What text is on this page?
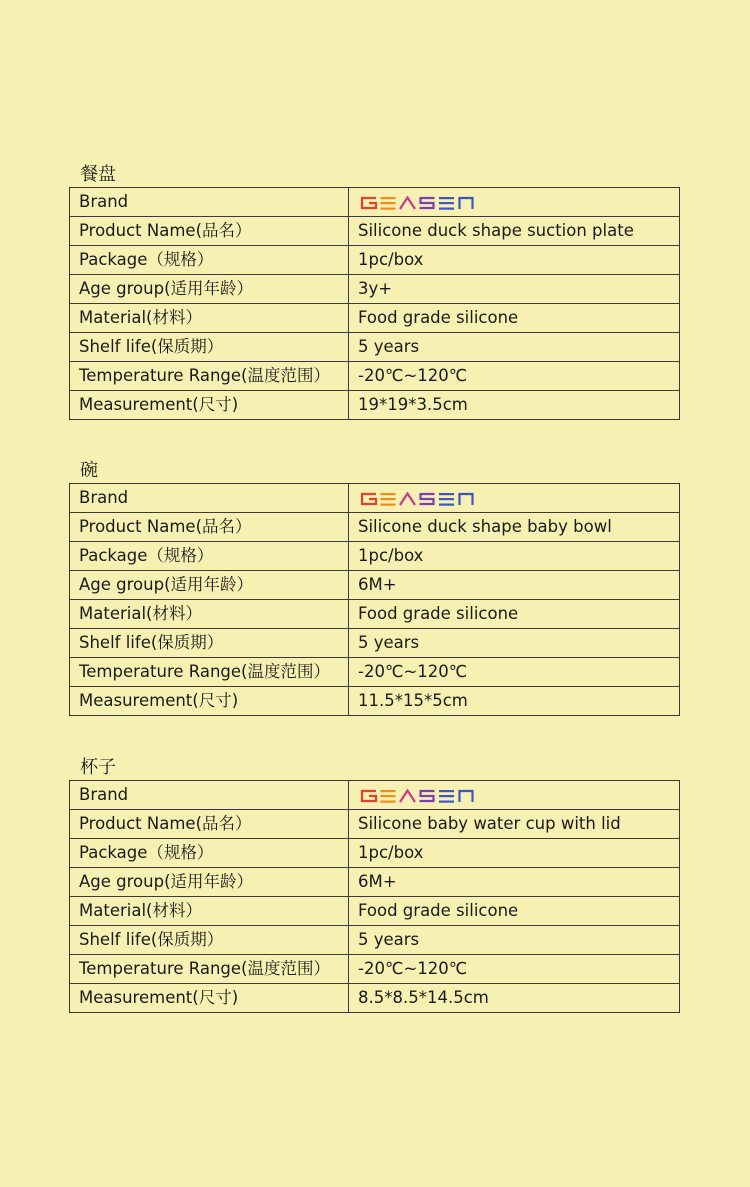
餐盘
Brand	

Product Name(品名）	Silicone duck shape suction plate
Package（规格）	1pc/box
Age group(适用年龄）	3y+
Material(材料）	Food grade silicone
Shelf life(保质期）	5 years
Temperature Range(温度范围）	-20℃~120℃
Measurement(尺寸)	19*19*3.5cm
碗
Brand	

Product Name(品名）	Silicone duck shape baby bowl
Package（规格）	1pc/box
Age group(适用年龄）	6M+
Material(材料）	Food grade silicone
Shelf life(保质期）	5 years
Temperature Range(温度范围）	-20℃~120℃
Measurement(尺寸)	11.5*15*5cm
杯子
Brand	

Product Name(品名）	Silicone baby water cup with lid
Package（规格）	1pc/box
Age group(适用年龄）	6M+
Material(材料）	Food grade silicone
Shelf life(保质期）	5 years
Temperature Range(温度范围）	-20℃~120℃
Measurement(尺寸)	8.5*8.5*14.5cm
